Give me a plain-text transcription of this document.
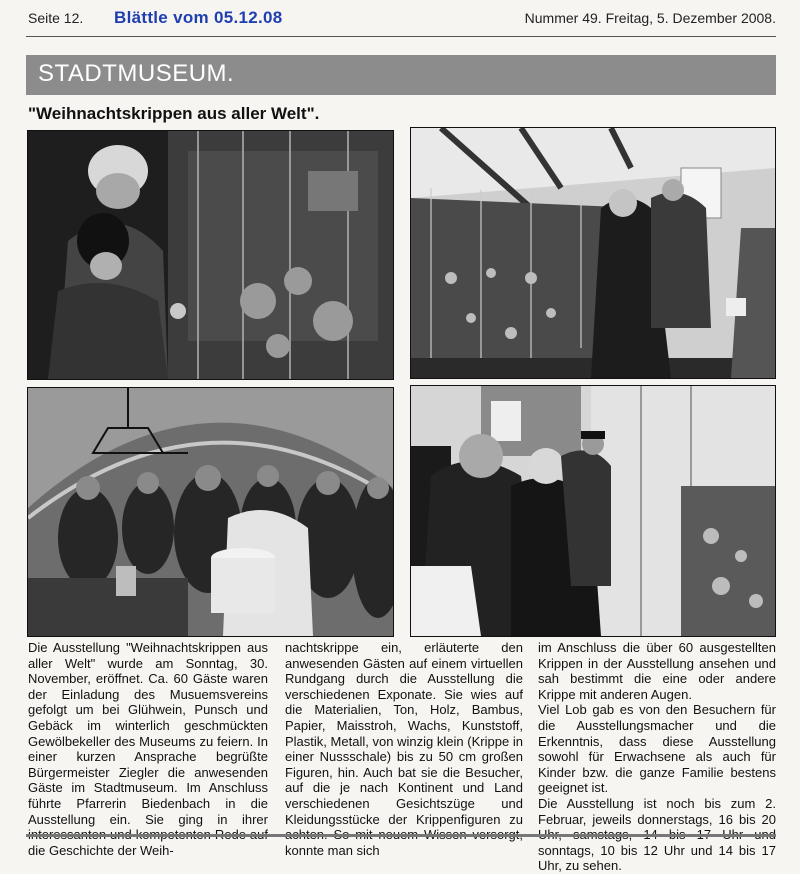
Seite 12. Blättle vom 05.12.08	Nummer 49. Freitag, 5. Dezember 2008.
STADTMUSEUM.
"Weihnachtskrippen aus aller Welt".

Die Ausstellung "Weihnachtskrippen aus aller Welt" wurde am Sonntag, 30. November, eröffnet. Ca. 60 Gäste waren der Einladung des Musuemsvereins gefolgt um bei Glühwein, Punsch und Gebäck im winterlich geschmückten Gewölbekeller des Museums zu feiern. In einer kurzen Ansprache begrüßte Bürgermeister Ziegler die anwesenden Gäste im Stadtmuseum. Im Anschluss führte Pfarrerin Biedenbach in die Ausstellung ein. Sie ging in ihrer die Geschichte der Weih-

nachtskrippe ein, erläuterte den anwesenden Gästen auf einem virtuellen Rundgang durch die Ausstellung die verschiedenen Exponate. Sie wies auf die Materialien, Ton, Holz, Bambus, Papier, Maisstroh, Wachs, Kunststoff, Plastik, Metall, von winzig klein (Krippe in einer Nussschale) bis zu 50 cm großen Figuren, hin. Auch bat sie die Besucher, auf die je nach Kontinent und Land verschiedenen Gesichtszüge und Kleidungsstücke der Krippenfiguren zu konnte man sich

im Anschluss die über 60 ausgestellten Krippen in der Ausstellung ansehen und sah bestimmt die eine oder andere Krippe mit anderen Augen.

Viel Lob gab es von den Besuchern für die Ausstellungsmacher und die Erkenntnis, dass diese Ausstellung sowohl für Erwachsene als auch für Kinder bzw. die ganze Familie bestens geeignet ist.

Die Ausstellung ist noch bis zum 2. Februar, jeweils donnerstags, 16 bis 20 sonntags, 10 bis 12 Uhr und 14 bis 17 Uhr, zu sehen.
